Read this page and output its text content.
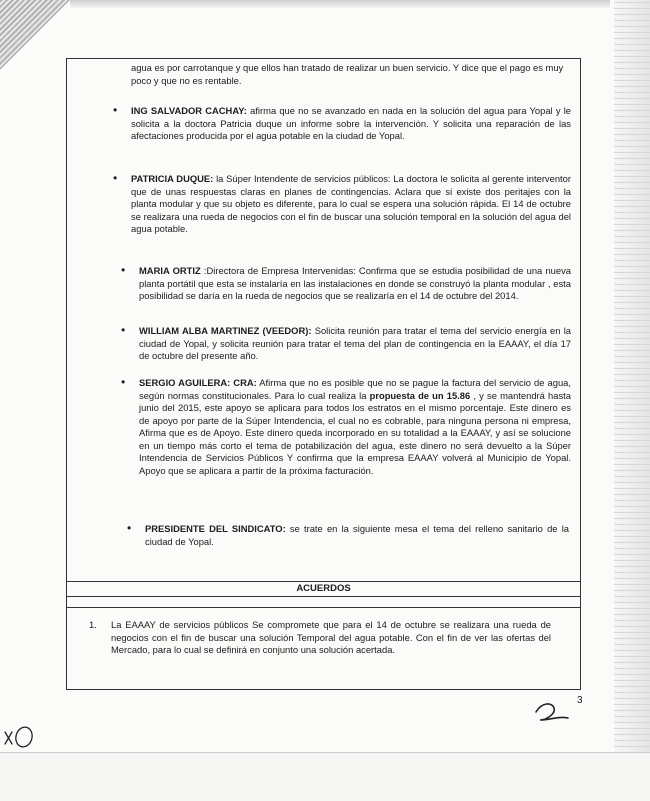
agua es por carrotanque y que ellos han tratado de realizar un buen servicio. Y dice que el pago es muy poco y que no es rentable.

• ING SALVADOR CACHAY: afirma que no se avanzado en nada en la solución del agua para Yopal y le solicita a la doctora Patricia duque un informe sobre la intervención. Y solicita una reparación de las afectaciones producida por el agua potable en la ciudad de Yopal.
• PATRICIA DUQUE: la Súper Intendente de servicios públicos: La doctora le solicita al gerente interventor que de unas respuestas claras en planes de contingencias. Aclara que si existe dos peritajes con la planta modular y que su objeto es diferente, para lo cual se espera una solución rápida. El 14 de octubre se realizara una rueda de negocios con el fin de buscar una solución temporal en la solución del agua del agua potable.
• MARIA ORTIZ :Directora de Empresa Intervenidas: Confirma que se estudia posibilidad de una nueva planta portátil que esta se instalaría en las instalaciones en donde se construyó la planta modular , esta posibilidad se daría en la rueda de negocios que se realizaría en el 14 de octubre del 2014.
• WILLIAM ALBA MARTINEZ (VEEDOR): Solicita reunión para tratar el tema del servicio energía en la ciudad de Yopal, y solicita reunión para tratar el tema del plan de contingencia en la EAAAY, el día 17 de octubre del presente año.
• SERGIO AGUILERA: CRA: Afirma que no es posible que no se pague la factura del servicio de agua, según normas constitucionales. Para lo cual realiza la propuesta de un 15.86 , y se mantendrá hasta junio del 2015, este apoyo se aplicara para todos los estratos en el mismo porcentaje. Este dinero es de apoyo por parte de la Súper Intendencia, el cual no es cobrable, para ninguna persona ni empresa, Afirma que es de Apoyo. Este dinero queda incorporado en su totalidad a la EAAAY, y así se solucione en un tiempo más corto el tema de potabilización del agua, este dinero no será devuelto a la Súper Intendencia de Servicios Públicos Y confirma que la empresa EAAAY volverá al Municipio de Yopal. Apoyo que se aplicara a partir de la próxima facturación.
• PRESIDENTE DEL SINDICATO: se trate en la siguiente mesa el tema del relleno sanitario de la ciudad de Yopal.
ACUERDOS
1. La EAAAY de servicios públicos Se compromete que para el 14 de octubre se realizara una rueda de negocios con el fin de buscar una solución Temporal del agua potable. Con el fin de ver las ofertas del Mercado, para lo cual se definirá en conjunto una solución acertada.
3
